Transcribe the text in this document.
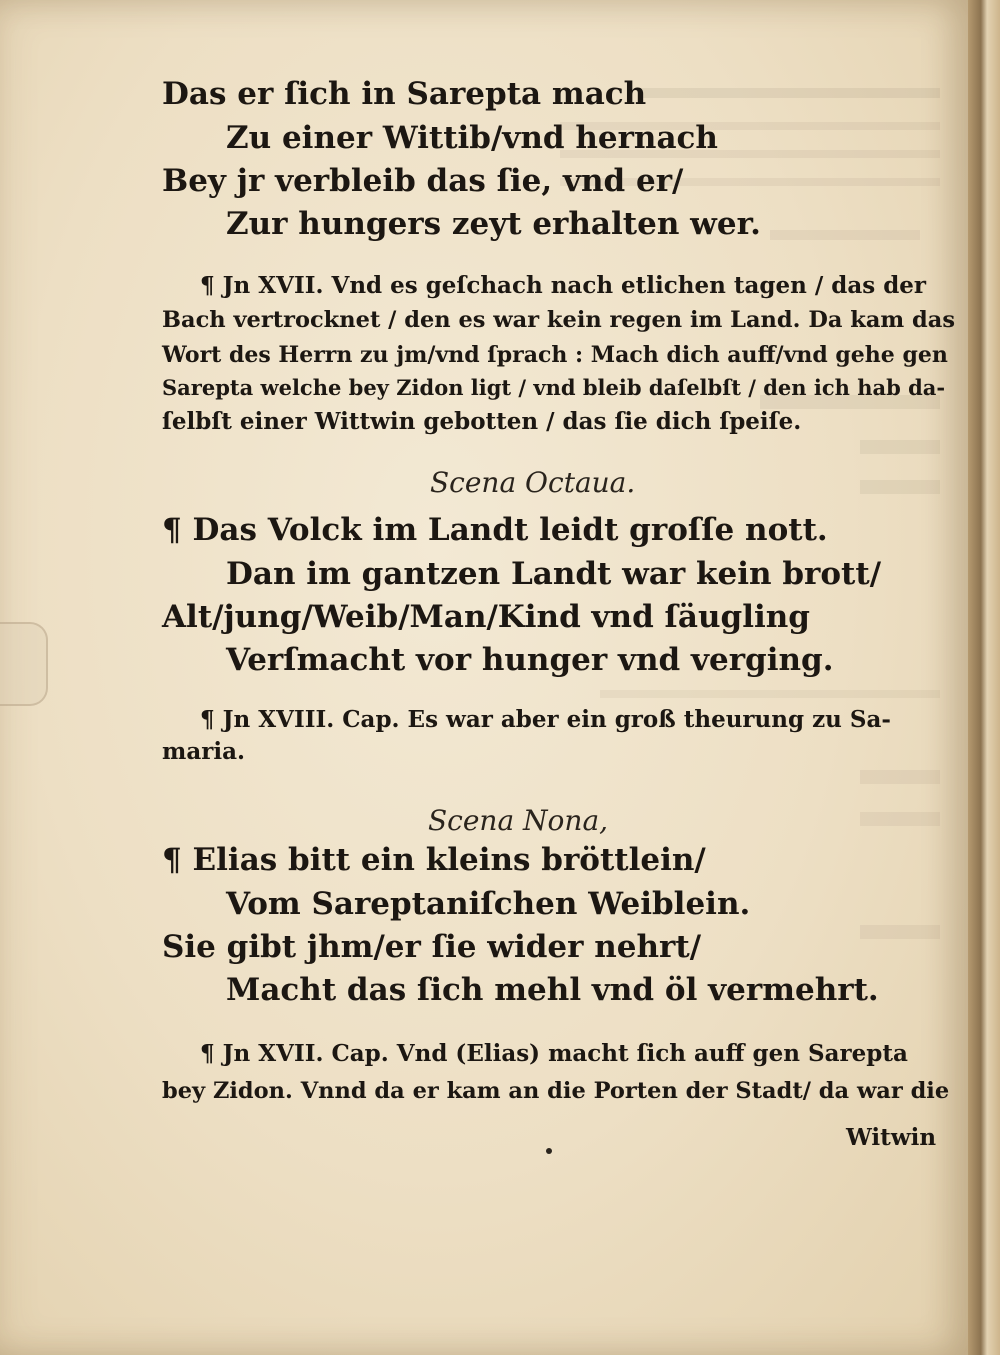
Das er ſich in Sarepta mach
Zu einer Wittib/vnd hernach
Bey jr verbleib das ſie, vnd er/
Zur hungers zeyt erhalten wer.
¶ Jn XVII. Vnd es geſchach nach etlichen tagen / das der
Bach vertrocknet / den es war kein regen im Land. Da kam das
Wort des Herrn zu jm/vnd ſprach : Mach dich auff/vnd gehe gen
Sarepta welche bey Zidon ligt / vnd bleib daſelbſt / den ich hab da-
ſelbſt einer Wittwin gebotten / das ſie dich ſpeiſe.
Scena Octaua.
¶ Das Volck im Landt leidt groſſe nott.
Dan im gantzen Landt war kein brott/
Alt/jung/Weib/Man/Kind vnd ſäugling
Verſmacht vor hunger vnd verging.
¶ Jn XVIII. Cap. Es war aber ein groß theurung zu Sa-
maria.
Scena Nona,
¶ Elias bitt ein kleins bröttlein/
Vom Sareptaniſchen Weiblein.
Sie gibt jhm/er ſie wider nehrt/
Macht das ſich mehl vnd öl vermehrt.
¶ Jn XVII. Cap. Vnd (Elias) macht ſich auff gen Sarepta
bey Zidon. Vnnd da er kam an die Porten der Stadt/ da war die
Witwin
